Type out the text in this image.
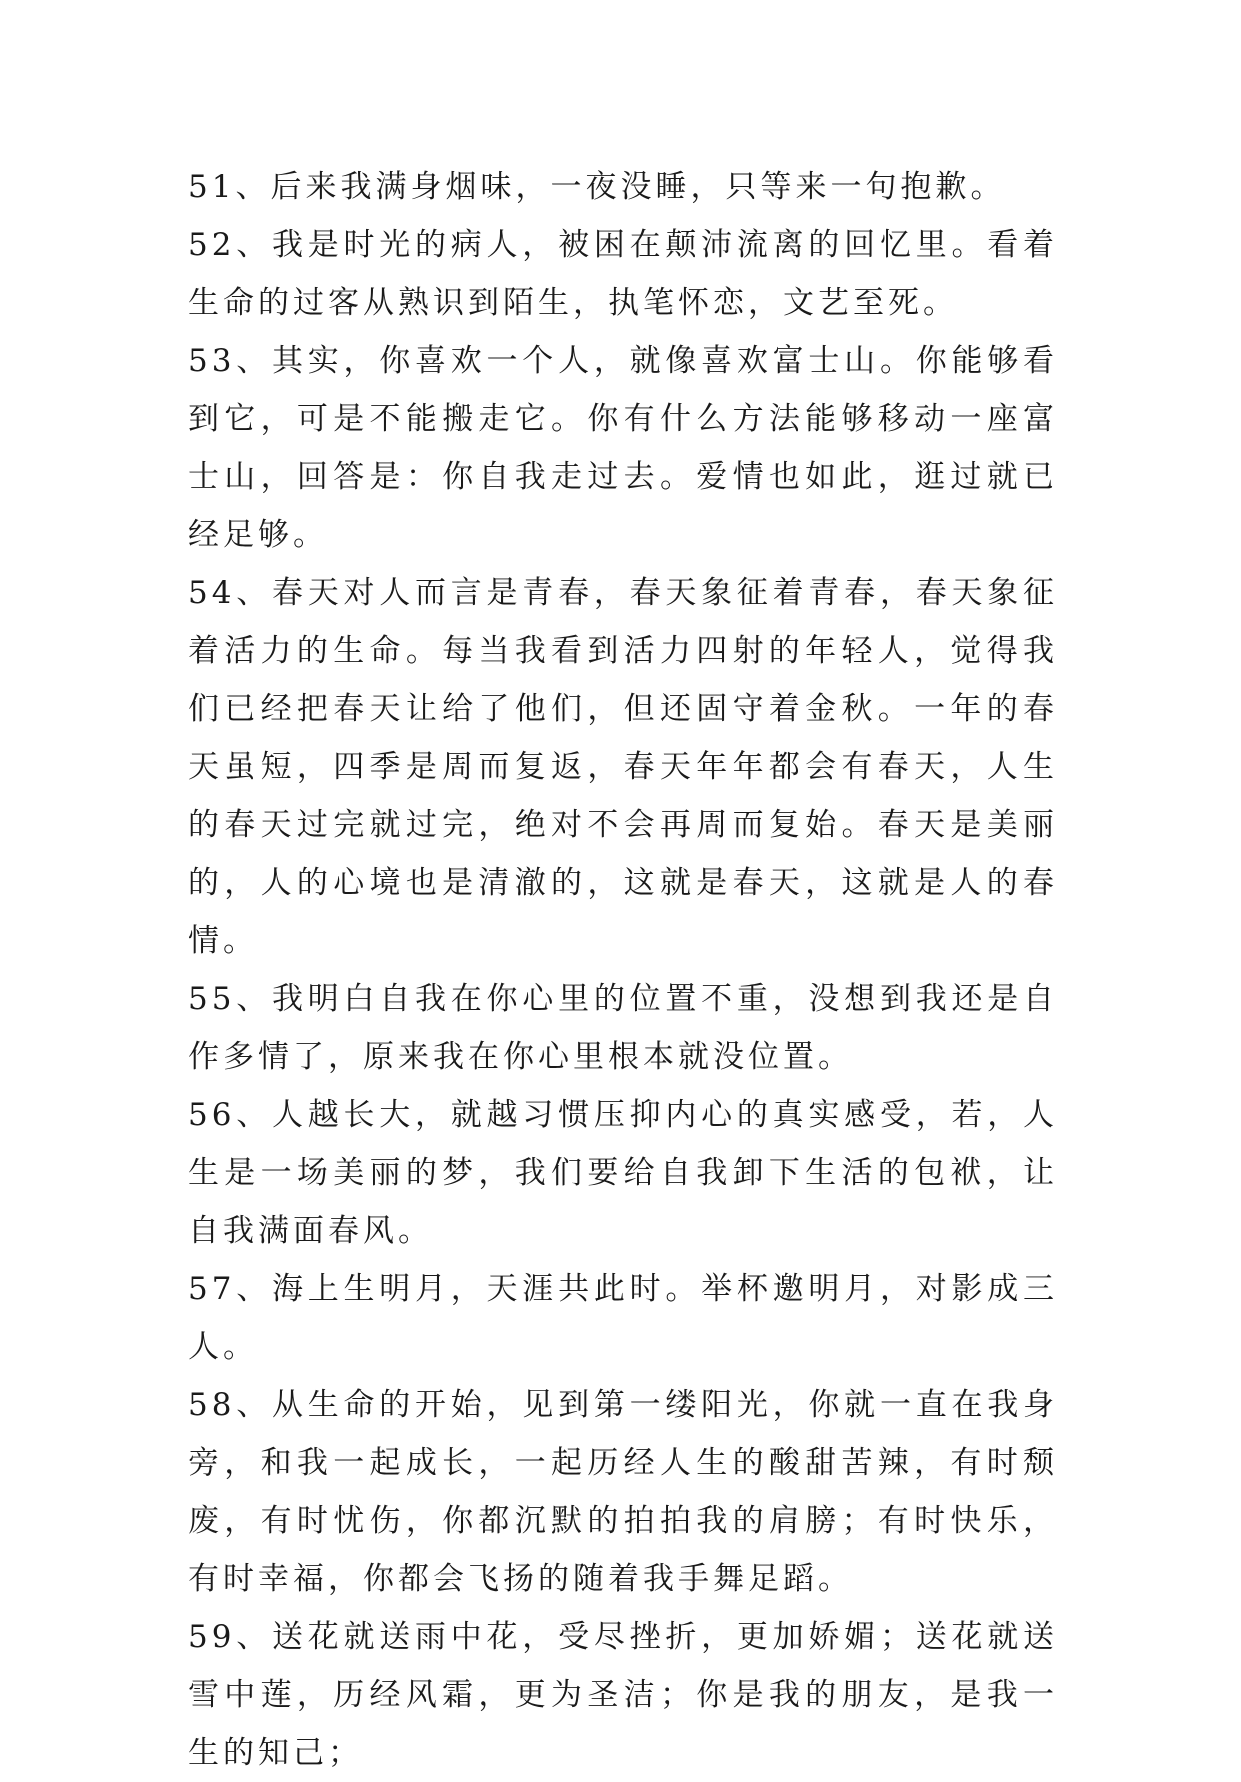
51、后来我满身烟味，一夜没睡，只等来一句抱歉。

52、我是时光的病人，被困在颠沛流离的回忆里。看着生命的过客从熟识到陌生，执笔怀恋，文艺至死。

53、其实，你喜欢一个人，就像喜欢富士山。你能够看到它，可是不能搬走它。你有什么方法能够移动一座富士山，回答是：你自我走过去。爱情也如此，逛过就已经足够。

54、春天对人而言是青春，春天象征着青春，春天象征着活力的生命。每当我看到活力四射的年轻人，觉得我们已经把春天让给了他们，但还固守着金秋。一年的春天虽短，四季是周而复返，春天年年都会有春天，人生的春天过完就过完，绝对不会再周而复始。春天是美丽的，人的心境也是清澈的，这就是春天，这就是人的春情。

55、我明白自我在你心里的位置不重，没想到我还是自作多情了，原来我在你心里根本就没位置。

56、人越长大，就越习惯压抑内心的真实感受，若，人生是一场美丽的梦，我们要给自我卸下生活的包袱，让自我满面春风。

57、海上生明月，天涯共此时。举杯邀明月，对影成三人。

58、从生命的开始，见到第一缕阳光，你就一直在我身旁，和我一起成长，一起历经人生的酸甜苦辣，有时颓废，有时忧伤，你都沉默的拍拍我的肩膀；有时快乐，有时幸福，你都会飞扬的随着我手舞足蹈。

59、送花就送雨中花，受尽挫折，更加娇媚；送花就送雪中莲，历经风霜，更为圣洁；你是我的朋友，是我一生的知己；
